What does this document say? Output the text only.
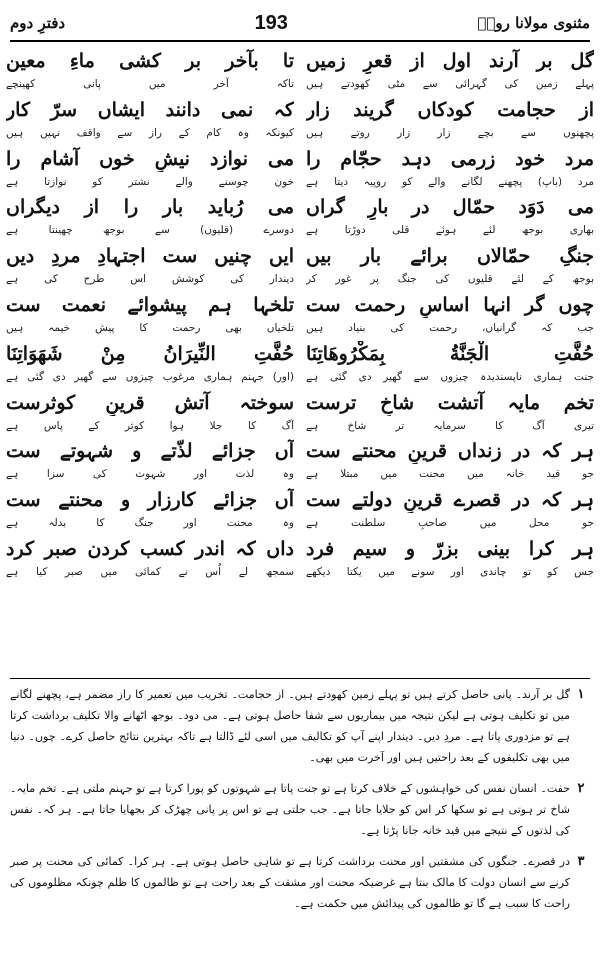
مثنوی مولانا رومؒ
193
دفترِ دوم
گل بر آرند اول از قعرِ زمیں
پہلے زمین کی گہرائی سے مٹی کھودتے ہیں
از حجامت کودکاں گریند زار
پچھنوں سے بچے زار زار روتے ہیں
مرد خود زرمی دہد حجّام را
مرد (باپ) پچھنے لگانے والے کو روپیہ دیتا ہے
می دَوَد حمّال در بارِ گراں
بھاری بوجھ لئے ہوئے قلی دوڑتا ہے
جنگِ حمّالاں برائے بار بیں
بوجھ کے لئے قلیوں کی جنگ پر غور کر
چوں گر انہا اساسِ رحمت ست
جب کہ گرانیاں، رحمت کی بنیاد ہیں
حُفَّتِ الْجَنَّةُ بِمَكْرُوهَاتِنَا
جنت ہماری ناپسندیدہ چیزوں سے گھیر دی گئی ہے
تخم مایہ آتشت شاخِ ترست
تیری آگ کا سرمایہ تر شاخ ہے
ہر کہ در زنداں قرینِ محنتے ست
جو قید خانہ میں محنت میں مبتلا ہے
ہر کہ در قصرے قرینِ دولتے ست
جو محل میں صاحبِ سلطنت ہے
ہر کرا بینی بزرّ و سیم فرد
جس کو تو چاندی اور سونے میں یکتا دیکھے
تا بآخر بر کشی ماءِ معین
تاکہ آخر میں پانی کھینچے
کہ نمی دانند ایشاں سرّ کار
کیونکہ وہ کام کے راز سے واقف نہیں ہیں
می نوازد نیشِ خوں آشام را
خون چوسنے والے نشتر کو نوازتا ہے
می رُباید بار را از دیگراں
دوسرے (قلیوں) سے بوجھ چھینتا ہے
ایں چنیں ست اجتہادِ مردِ دیں
دیندار کی کوشش اس طرح کی ہے
تلخہا ہم پیشوائے نعمت ست
تلخیاں بھی رحمت کا پیش خیمہ ہیں
حُفَّتِ النِّيرَانُ مِنْ شَهَوَاتِنَا
(اور) جہنم ہماری مرغوب چیزوں سے گھیر دی گئی ہے
سوختہ آتش قرینِ کوثرست
آگ کا جلا ہوا کوثر کے پاس ہے
آں جزائے لذّتے و شہوتے ست
وہ لذت اور شہوت کی سزا ہے
آں جزائے کارزار و محنتے ست
وہ محنت اور جنگ کا بدلہ ہے
داں کہ اندر کسب کردن صبر کرد
سمجھ لے اُس نے کمائی میں صبر کیا ہے
۱
گل بر آرند۔ پانی حاصل کرتے ہیں تو پہلے زمین کھودتے ہیں۔ از حجامت۔ تخریب میں تعمیر کا راز مضمر ہے، پچھنے لگانے میں تو تکلیف ہوتی ہے لیکن نتیجہ میں بیماریوں سے شفا حاصل ہوتی ہے۔ می دود۔ بوجھ اٹھانے والا تکلیف برداشت کرتا ہے تو مزدوری پاتا ہے۔ مردِ دیں۔ دیندار اپنے آپ کو تکالیف میں اسی لئے ڈالتا ہے تاکہ بہترین نتائج حاصل کرے۔ چوں۔ دنیا میں بھی تکلیفوں کے بعد راحتیں ہیں اور آخرت میں بھی۔
۲
حفت۔ انسان نفس کی خواہشوں کے خلاف کرتا ہے تو جنت پاتا ہے شہوتوں کو پورا کرتا ہے تو جہنم ملتی ہے۔ تخم مایہ۔ شاخ تر ہوتی ہے تو سکھا کر اس کو جلایا جاتا ہے۔ جب جلتی ہے تو اس پر پانی چھڑک کر بجھایا جاتا ہے۔ ہر کہ۔ نفس کی لذتوں کے نتیجے میں قید خانہ جانا پڑتا ہے۔
۳
در قصرے۔ جنگوں کی مشقتیں اور محنت برداشت کرتا ہے تو شاہی حاصل ہوتی ہے۔ ہر کرا۔ کمائی کی محنت پر صبر کرنے سے انسان دولت کا مالک بنتا ہے غرضیکہ محنت اور مشقت کے بعد راحت ہے تو ظالموں کا ظلم چونکہ مظلوموں کی راحت کا سبب ہے گا تو ظالموں کی پیدائش میں حکمت ہے۔
